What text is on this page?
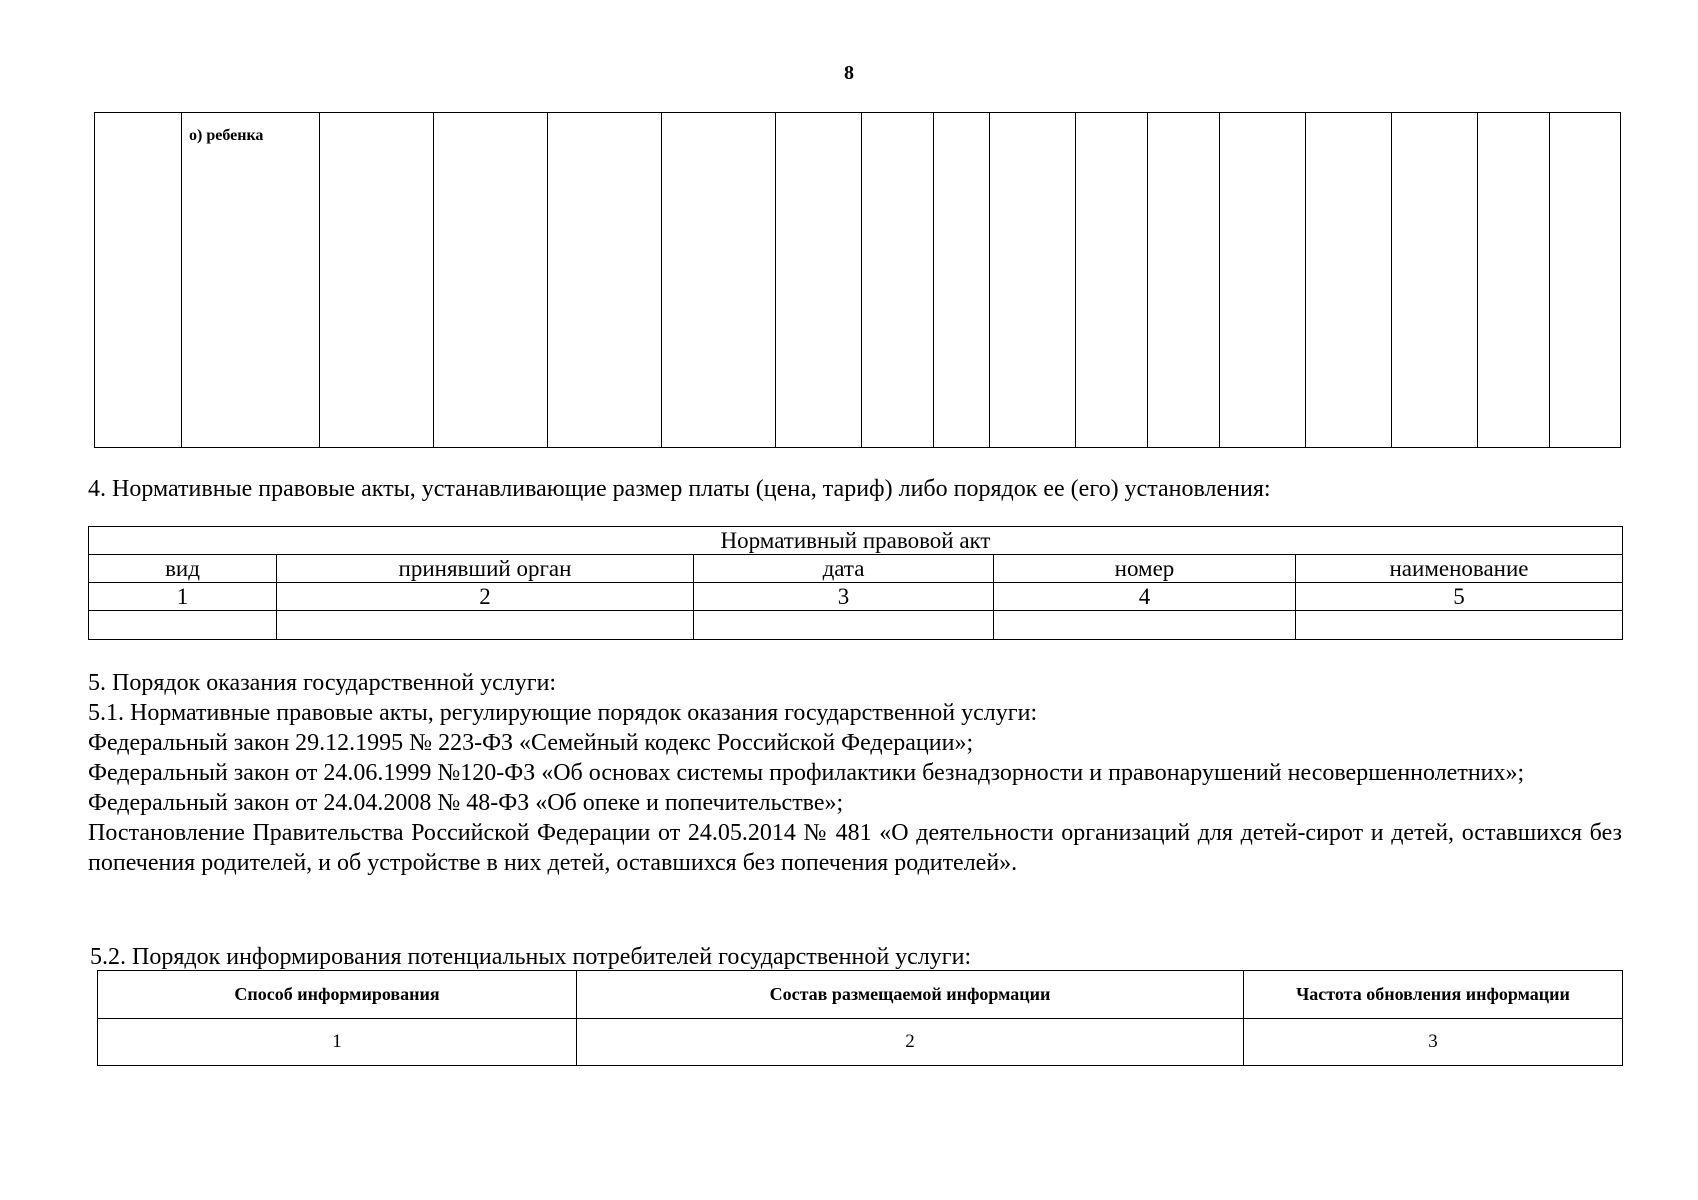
8
о) ребенка
4. Нормативные правовые акты, устанавливающие размер платы (цена, тариф) либо порядок ее (его) установления:
Нормативный правовой акт				
вид	принявший орган	дата	номер	наименование
1	2	3	4	5

5. Порядок оказания государственной услуги:
5.1. Нормативные правовые акты, регулирующие порядок оказания государственной услуги:
Федеральный закон 29.12.1995 № 223-ФЗ «Семейный кодекс Российской Федерации»;
Федеральный закон от 24.06.1999 №120-ФЗ «Об основах системы профилактики безнадзорности и правонарушений несовершеннолетних»;
Федеральный закон от 24.04.2008 № 48-ФЗ «Об опеке и попечительстве»;
Постановление Правительства Российской Федерации от 24.05.2014 № 481 «О деятельности организаций для детей-сирот и детей, оставшихся без попечения родителей, и об устройстве в них детей, оставшихся без попечения родителей».
5.2. Порядок информирования потенциальных потребителей государственной услуги:
Способ информирования	Состав размещаемой информации	Частота обновления информации
1	2	3
